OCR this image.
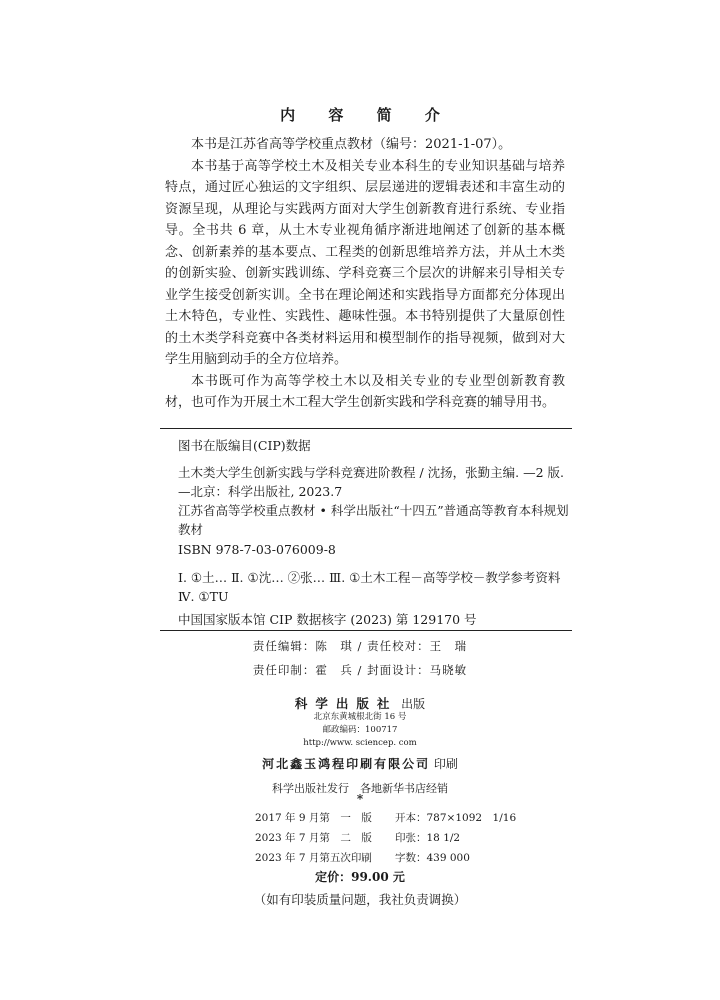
内 容 简 介

本书是江苏省高等学校重点教材（编号：2021-1-07）。

本书基于高等学校土木及相关专业本科生的专业知识基础与培养特点，通过匠心独运的文字组织、层层递进的逻辑表述和丰富生动的资源呈现，从理论与实践两方面对大学生创新教育进行系统、专业指导。全书共 6 章，从土木专业视角循序渐进地阐述了创新的基本概念、创新素养的基本要点、工程类的创新思维培养方法，并从土木类的创新实验、创新实践训练、学科竞赛三个层次的讲解来引导相关专业学生接受创新实训。全书在理论阐述和实践指导方面都充分体现出土木特色，专业性、实践性、趣味性强。本书特别提供了大量原创性的土木类学科竞赛中各类材料运用和模型制作的指导视频，做到对大学生用脑到动手的全方位培养。

本书既可作为高等学校土木以及相关专业的专业型创新教育教材，也可作为开展土木工程大学生创新实践和学科竞赛的辅导用书。

图书在版编目(CIP)数据
土木类大学生创新实践与学科竞赛进阶教程 / 沈扬，张勤主编. —2 版. —北京：科学出版社, 2023.7
江苏省高等学校重点教材 • 科学出版社“十四五”普通高等教育本科规划教材
ISBN 978-7-03-076009-8
Ⅰ. ①土… Ⅱ. ①沈… ②张… Ⅲ. ①土木工程－高等学校－教学参考资料 Ⅳ. ①TU
中国国家版本馆 CIP 数据核字 (2023) 第 129170 号
责任编辑：陈　琪 / 责任校对：王　瑞
责任印制：霍　兵 / 封面设计：马晓敏
科学出版社 出版
北京东黄城根北街 16 号
邮政编码：100717
http://www. sciencep. com
河北鑫玉鸿程印刷有限公司 印刷
科学出版社发行　各地新华书店经销
*
2017 年 9 月第　一　版	开本：787×1092　1/16
2023 年 7 月第　二　版	印张：18 1/2
2023 年 7 月第五次印刷	字数：439 000
定价：99.00 元
（如有印装质量问题，我社负责调换）
